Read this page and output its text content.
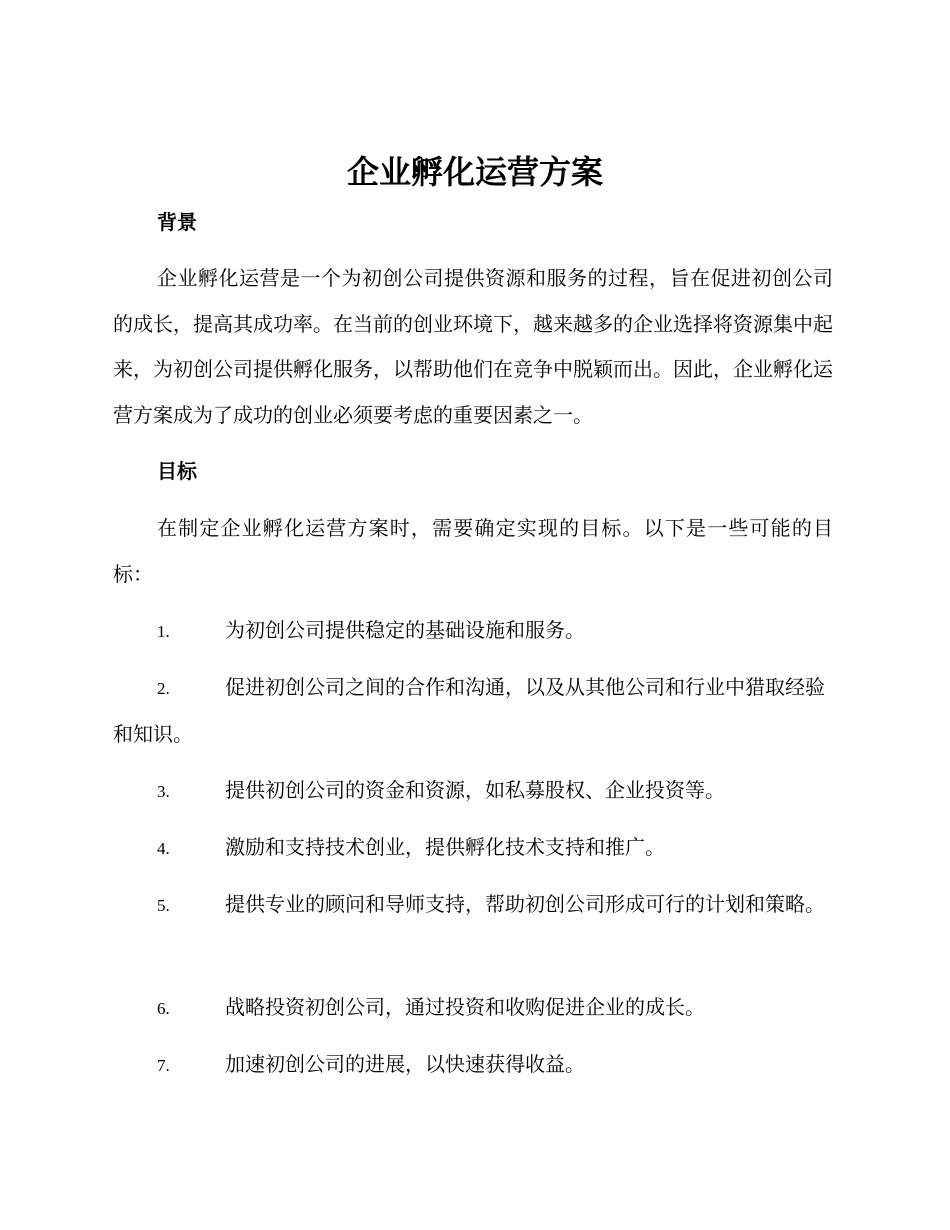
企业孵化运营方案
背景

企业孵化运营是一个为初创公司提供资源和服务的过程，旨在促进初创公司的成长，提高其成功率。在当前的创业环境下，越来越多的企业选择将资源集中起来，为初创公司提供孵化服务，以帮助他们在竞争中脱颖而出。因此，企业孵化运营方案成为了成功的创业必须要考虑的重要因素之一。

目标

在制定企业孵化运营方案时，需要确定实现的目标。以下是一些可能的目标：

1.	为初创公司提供稳定的基础设施和服务。
2.	促进初创公司之间的合作和沟通，以及从其他公司和行业中猎取经验和知识。
3.	提供初创公司的资金和资源，如私募股权、企业投资等。
4.	激励和支持技术创业，提供孵化技术支持和推广。
5.	提供专业的顾问和导师支持，帮助初创公司形成可行的计划和策略。
6.	战略投资初创公司，通过投资和收购促进企业的成长。
7.	加速初创公司的进展，以快速获得收益。
